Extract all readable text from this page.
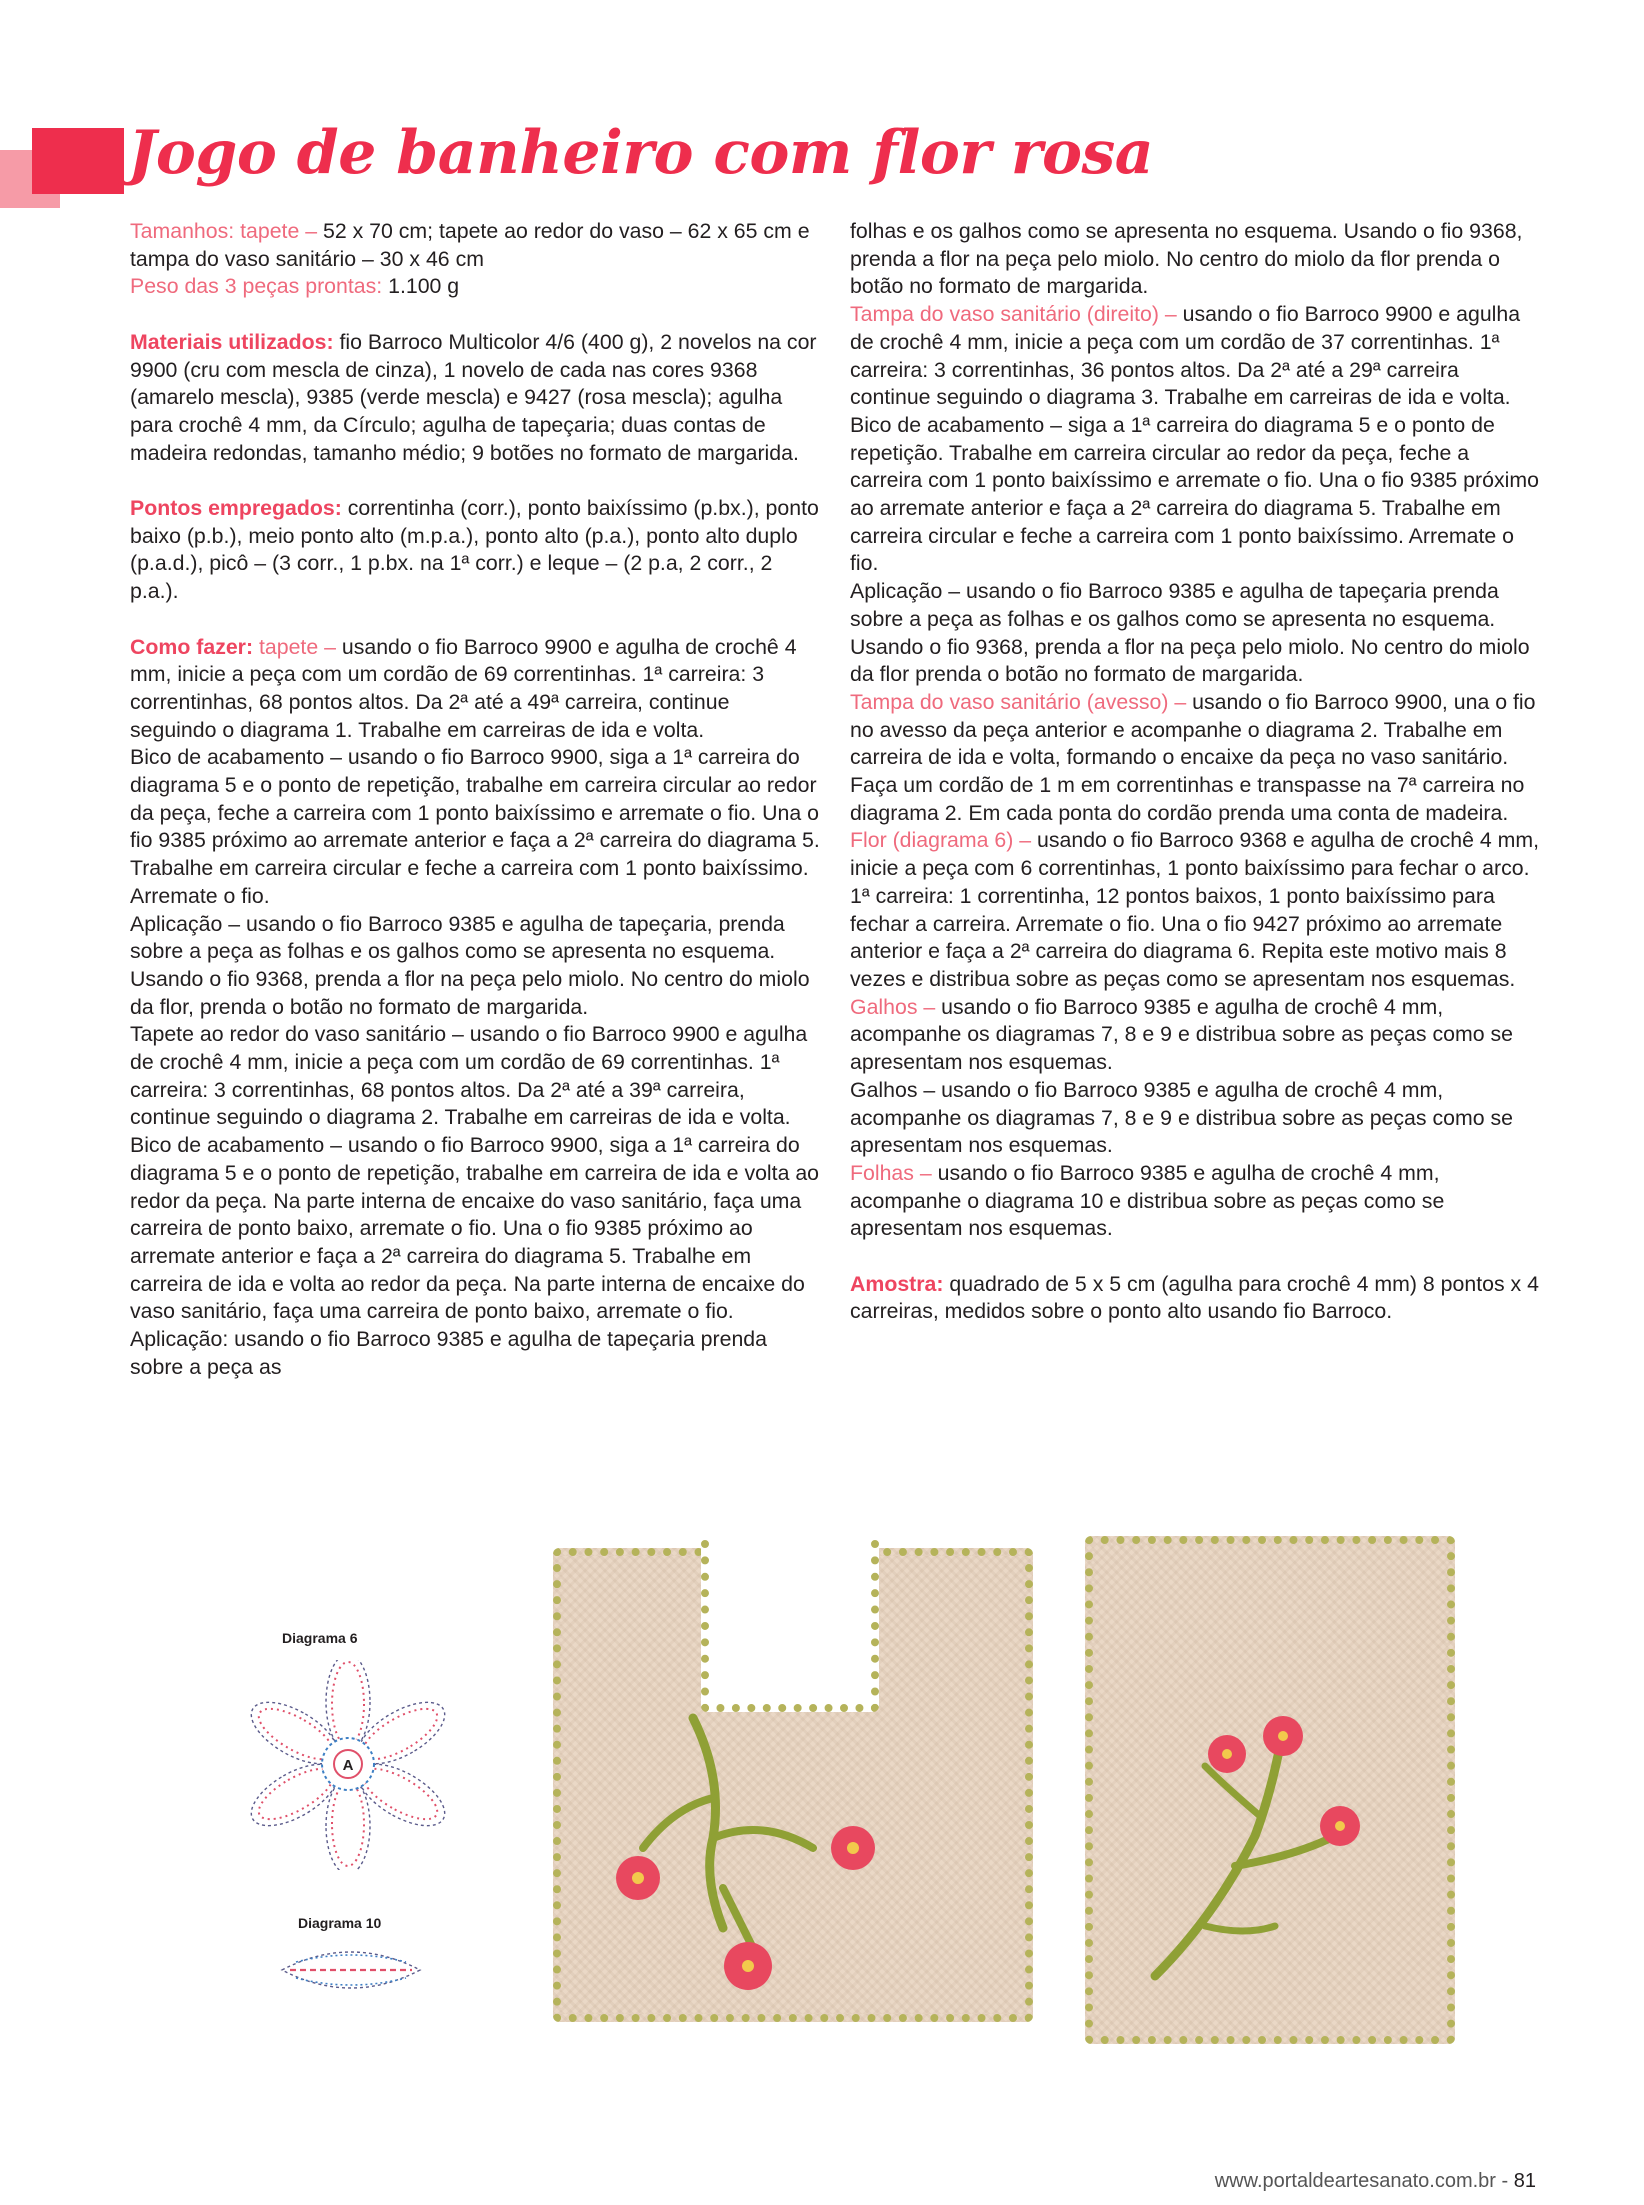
Jogo de banheiro com flor rosa

Tamanhos: tapete – 52 x 70 cm; tapete ao redor do vaso – 62 x 65 cm e tampa do vaso sanitário – 30 x 46 cm

Peso das 3 peças prontas: 1.100 g

Materiais utilizados: fio Barroco Multicolor 4/6 (400 g), 2 novelos na cor 9900 (cru com mescla de cinza), 1 novelo de cada nas cores 9368 (amarelo mescla), 9385 (verde mescla) e 9427 (rosa mescla); agulha para crochê 4 mm, da Círculo; agulha de tapeçaria; duas contas de madeira redondas, tamanho médio; 9 botões no formato de margarida.

Pontos empregados: correntinha (corr.), ponto baixíssimo (p.bx.), ponto baixo (p.b.), meio ponto alto (m.p.a.), ponto alto (p.a.), ponto alto duplo (p.a.d.), picô – (3 corr., 1 p.bx. na 1ª corr.) e leque – (2 p.a, 2 corr., 2 p.a.).

Como fazer: tapete – usando o fio Barroco 9900 e agulha de crochê 4 mm, inicie a peça com um cordão de 69 correntinhas. 1ª carreira: 3 correntinhas, 68 pontos altos. Da 2ª até a 49ª carreira, continue seguindo o diagrama 1. Trabalhe em carreiras de ida e volta.

Bico de acabamento – usando o fio Barroco 9900, siga a 1ª carreira do diagrama 5 e o ponto de repetição, trabalhe em carreira circular ao redor da peça, feche a carreira com 1 ponto baixíssimo e arremate o fio. Una o fio 9385 próximo ao arremate anterior e faça a 2ª carreira do diagrama 5. Trabalhe em carreira circular e feche a carreira com 1 ponto baixíssimo. Arremate o fio.

Aplicação – usando o fio Barroco 9385 e agulha de tapeçaria, prenda sobre a peça as folhas e os galhos como se apresenta no esquema. Usando o fio 9368, prenda a flor na peça pelo miolo. No centro do miolo da flor, prenda o botão no formato de margarida.

Tapete ao redor do vaso sanitário – usando o fio Barroco 9900 e agulha de crochê 4 mm, inicie a peça com um cordão de 69 correntinhas. 1ª carreira: 3 correntinhas, 68 pontos altos. Da 2ª até a 39ª carreira, continue seguindo o diagrama 2. Trabalhe em carreiras de ida e volta.

Bico de acabamento – usando o fio Barroco 9900, siga a 1ª carreira do diagrama 5 e o ponto de repetição, trabalhe em carreira de ida e volta ao redor da peça. Na parte interna de encaixe do vaso sanitário, faça uma carreira de ponto baixo, arremate o fio. Una o fio 9385 próximo ao arremate anterior e faça a 2ª carreira do diagrama 5. Trabalhe em carreira de ida e volta ao redor da peça. Na parte interna de encaixe do vaso sanitário, faça uma carreira de ponto baixo, arremate o fio. Aplicação: usando o fio Barroco 9385 e agulha de tapeçaria prenda sobre a peça as

folhas e os galhos como se apresenta no esquema. Usando o fio 9368, prenda a flor na peça pelo miolo. No centro do miolo da flor prenda o botão no formato de margarida.

Tampa do vaso sanitário (direito) – usando o fio Barroco 9900 e agulha de crochê 4 mm, inicie a peça com um cordão de 37 correntinhas. 1ª carreira: 3 correntinhas, 36 pontos altos. Da 2ª até a 29ª carreira continue seguindo o diagrama 3. Trabalhe em carreiras de ida e volta.

Bico de acabamento – siga a 1ª carreira do diagrama 5 e o ponto de repetição. Trabalhe em carreira circular ao redor da peça, feche a carreira com 1 ponto baixíssimo e arremate o fio. Una o fio 9385 próximo ao arremate anterior e faça a 2ª carreira do diagrama 5. Trabalhe em carreira circular e feche a carreira com 1 ponto baixíssimo. Arremate o fio.

Aplicação – usando o fio Barroco 9385 e agulha de tapeçaria prenda sobre a peça as folhas e os galhos como se apresenta no esquema. Usando o fio 9368, prenda a flor na peça pelo miolo. No centro do miolo da flor prenda o botão no formato de margarida.

Tampa do vaso sanitário (avesso) – usando o fio Barroco 9900, una o fio no avesso da peça anterior e acompanhe o diagrama 2. Trabalhe em carreira de ida e volta, formando o encaixe da peça no vaso sanitário. Faça um cordão de 1 m em correntinhas e transpasse na 7ª carreira no diagrama 2. Em cada ponta do cordão prenda uma conta de madeira.

Flor (diagrama 6) – usando o fio Barroco 9368 e agulha de crochê 4 mm, inicie a peça com 6 correntinhas, 1 ponto baixíssimo para fechar o arco. 1ª carreira: 1 correntinha, 12 pontos baixos, 1 ponto baixíssimo para fechar a carreira. Arremate o fio. Una o fio 9427 próximo ao arremate anterior e faça a 2ª carreira do diagrama 6. Repita este motivo mais 8 vezes e distribua sobre as peças como se apresentam nos esquemas.

Galhos – usando o fio Barroco 9385 e agulha de crochê 4 mm, acompanhe os diagramas 7, 8 e 9 e distribua sobre as peças como se apresentam nos esquemas.

Galhos – usando o fio Barroco 9385 e agulha de crochê 4 mm, acompanhe os diagramas 7, 8 e 9 e distribua sobre as peças como se apresentam nos esquemas.

Folhas – usando o fio Barroco 9385 e agulha de crochê 4 mm, acompanhe o diagrama 10 e distribua sobre as peças como se apresentam nos esquemas.

Amostra: quadrado de 5 x 5 cm (agulha para crochê 4 mm) 8 pontos x 4 carreiras, medidos sobre o ponto alto usando fio Barroco.

Diagrama 6
A
Diagrama 10
www.portaldeartesanato.com.br - 81
